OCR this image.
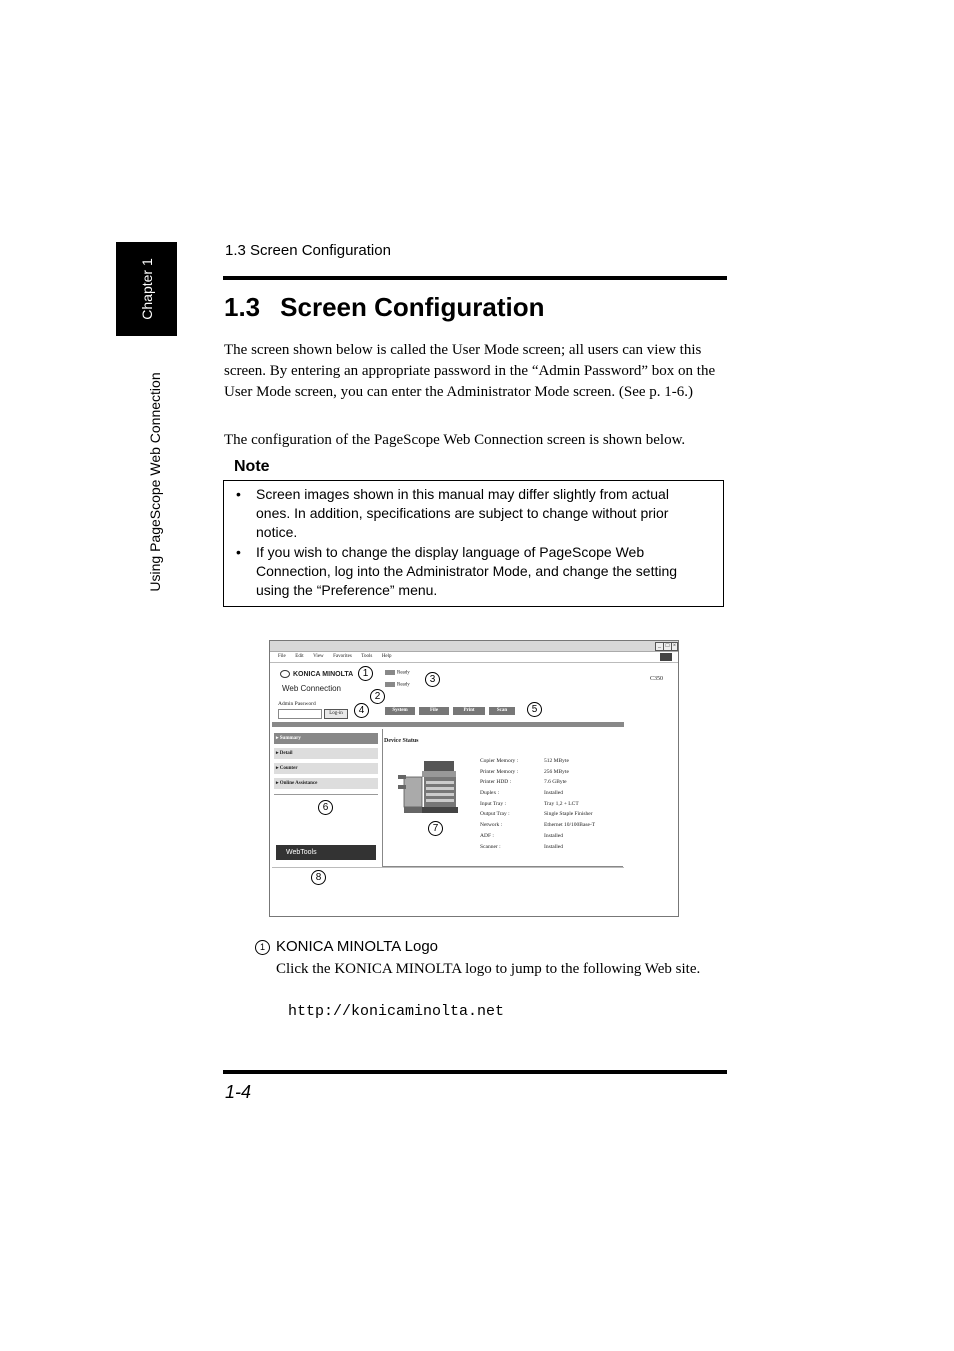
Chapter 1
Using PageScope Web Connection
1.3 Screen Configuration
1.3 Screen Configuration
The screen shown below is called the User Mode screen; all users can view this screen. By entering an appropriate password in the “Admin Password” box on the User Mode screen, you can enter the Administrator Mode screen. (See p. 1-6.)
The configuration of the PageScope Web Connection screen is shown below.
Note
• Screen images shown in this manual may differ slightly from actual ones. In addition, specifications are subject to change without prior notice.
• If you wish to change the display language of PageScope Web Connection, log into the Administrator Mode, and change the setting using the “Preference” menu.
_ □ ×
File Edit View Favorites Tools Help
KONICA MINOLTA
Web Connection
Ready
Ready
C350
Admin Password
Log-in
System	File	Print	Scan
▸ Summary
▸ Detail
▸ Counter
▸ Online Assistance
WebTools
Device Status
Copier Memory :	512 MByte
Printer Memory :	256 MByte
Printer HDD :	7.6 GByte
Duplex :	Installed
Input Tray :	Tray 1,2 + LCT
Output Tray :	Single Staple Finisher
Network :	Ethernet 10/100Base-T
ADF :	Installed
Scanner :	Installed
1
2
3
4	5
6
7
8
1 KONICA MINOLTA Logo
Click the KONICA MINOLTA logo to jump to the following Web site.
http://konicaminolta.net
1-4
